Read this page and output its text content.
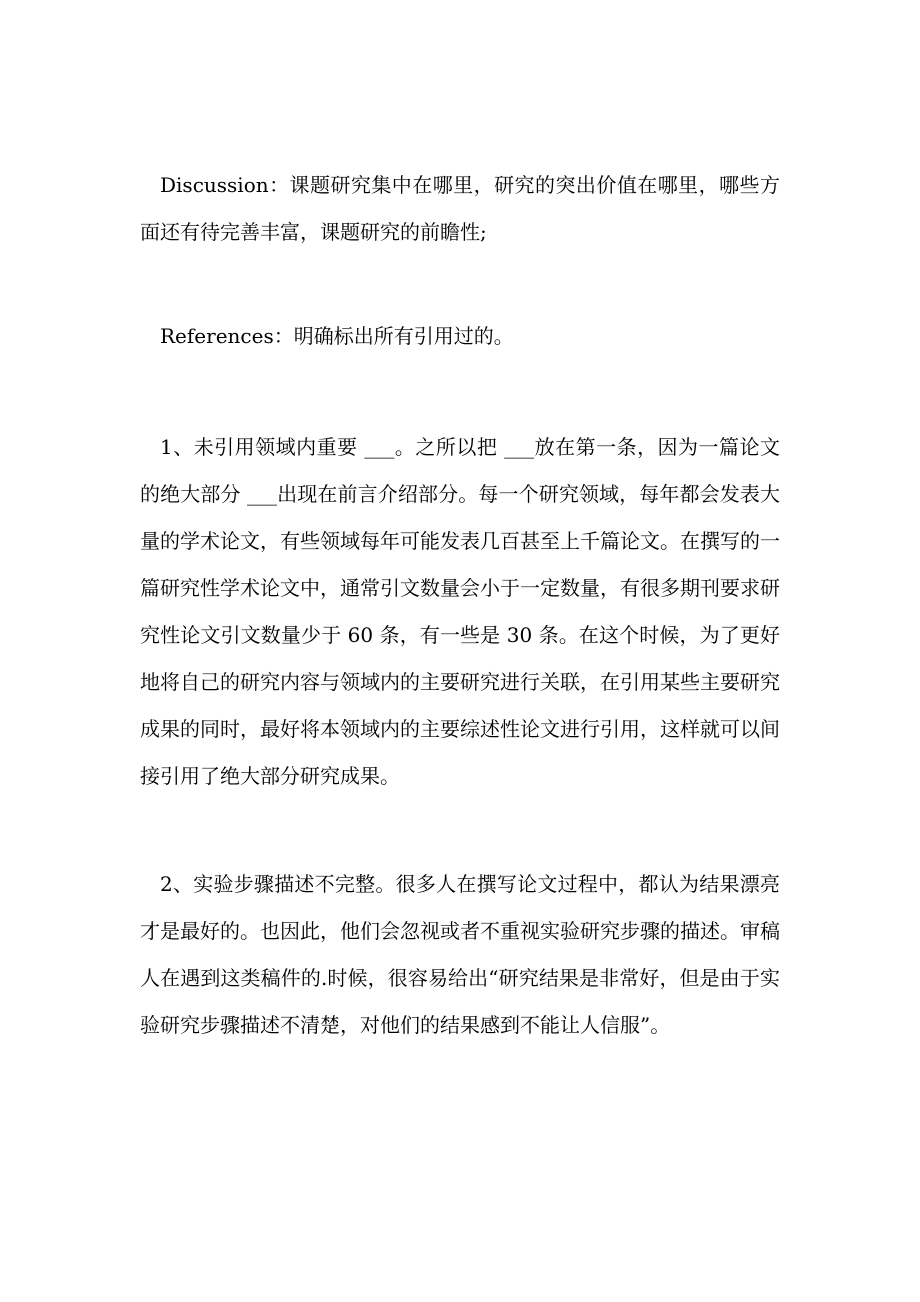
Discussion：课题研究集中在哪里，研究的突出价值在哪里，哪些方面还有待完善丰富，课题研究的前瞻性;

References：明确标出所有引用过的。

1、未引用领域内重要 ___。之所以把 ___放在第一条，因为一篇论文的绝大部分 ___出现在前言介绍部分。每一个研究领域，每年都会发表大量的学术论文，有些领域每年可能发表几百甚至上千篇论文。在撰写的一篇研究性学术论文中，通常引文数量会小于一定数量，有很多期刊要求研究性论文引文数量少于 60 条，有一些是 30 条。在这个时候，为了更好地将自己的研究内容与领域内的主要研究进行关联，在引用某些主要研究成果的同时，最好将本领域内的主要综述性论文进行引用，这样就可以间接引用了绝大部分研究成果。

2、实验步骤描述不完整。很多人在撰写论文过程中，都认为结果漂亮才是最好的。也因此，他们会忽视或者不重视实验研究步骤的描述。审稿人在遇到这类稿件的.时候，很容易给出“研究结果是非常好，但是由于实验研究步骤描述不清楚，对他们的结果感到不能让人信服”。
